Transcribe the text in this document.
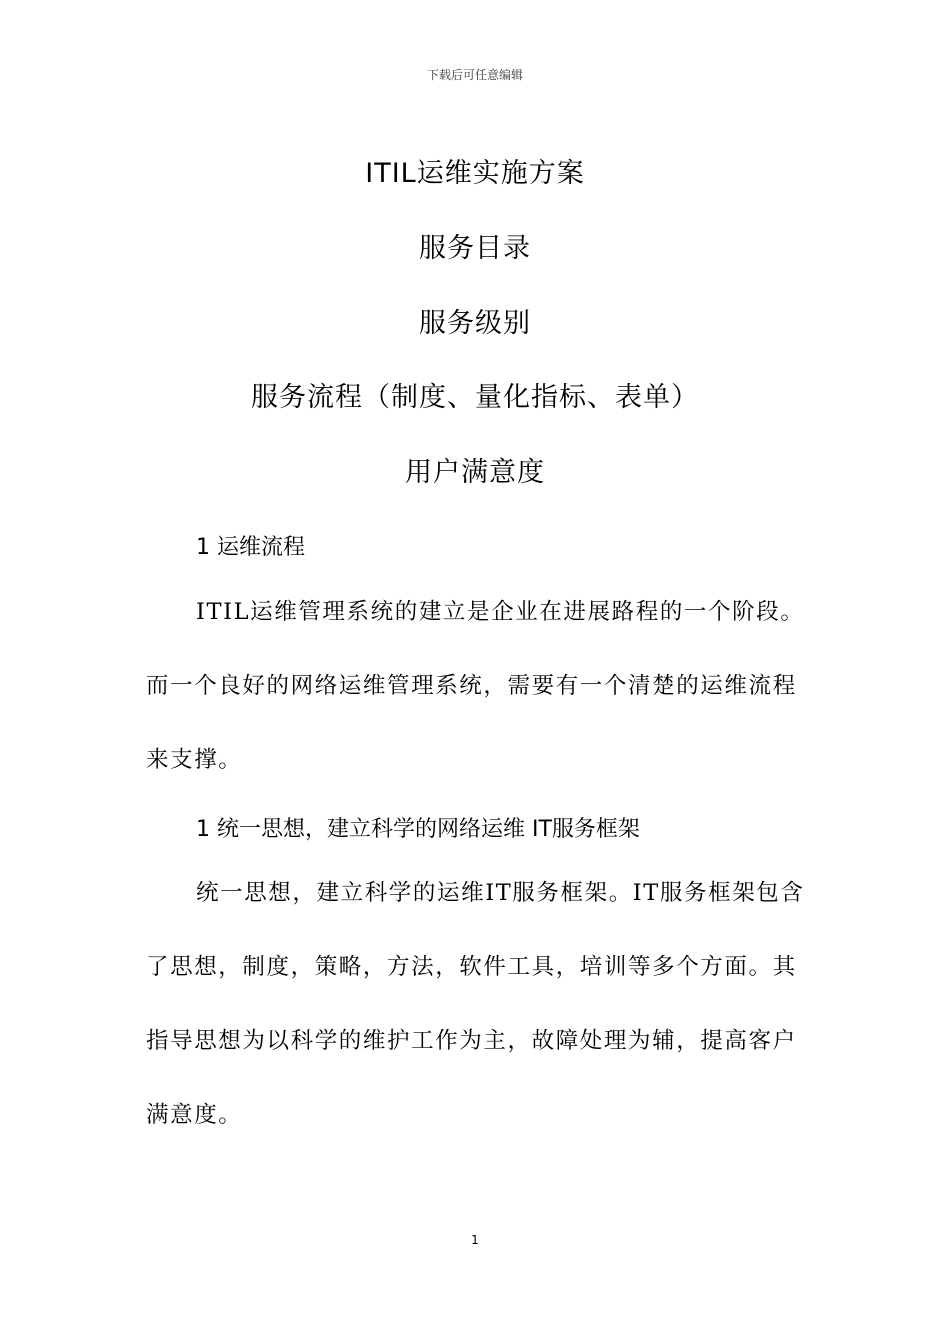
下载后可任意编辑
ITIL运维实施方案
服务目录
服务级别
服务流程（制度、量化指标、表单）
用户满意度
1 运维流程

ITIL运维管理系统的建立是企业在进展路程的一个阶段。而一个良好的网络运维管理系统，需要有一个清楚的运维流程来支撑。

1 统一思想，建立科学的网络运维 IT服务框架

统一思想，建立科学的运维IT服务框架。IT服务框架包含了思想，制度，策略，方法，软件工具，培训等多个方面。其指导思想为以科学的维护工作为主，故障处理为辅，提高客户满意度。

1
